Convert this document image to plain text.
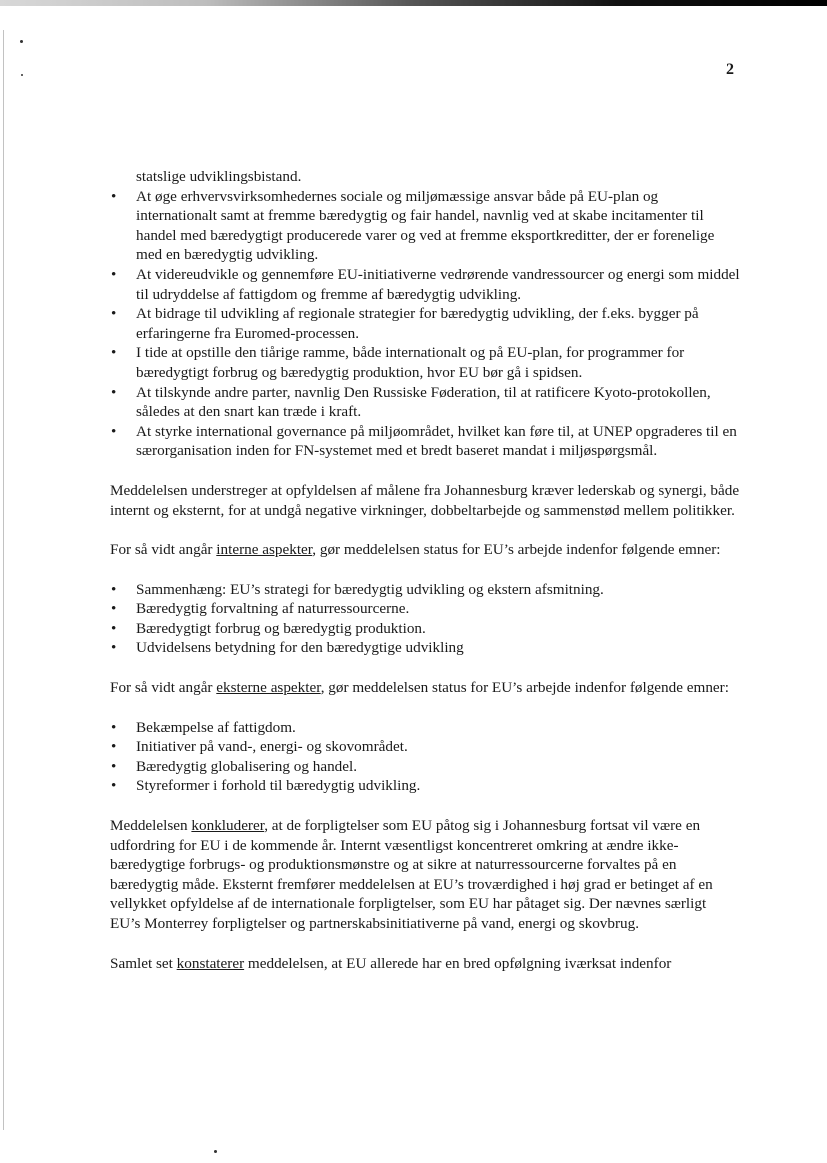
2
statslige udviklingsbistand.
• At øge erhvervsvirksomhedernes sociale og miljømæssige ansvar både på EU-plan og internationalt samt at fremme bæredygtig og fair handel, navnlig ved at skabe incitamenter til handel med bæredygtigt producerede varer og ved at fremme eksportkreditter, der er forenelige med en bæredygtig udvikling.
• At videreudvikle og gennemføre EU-initiativerne vedrørende vandressourcer og energi som middel til udryddelse af fattigdom og fremme af bæredygtig udvikling.
• At bidrage til udvikling af regionale strategier for bæredygtig udvikling, der f.eks. bygger på erfaringerne fra Euromed-processen.
• I tide at opstille den tiårige ramme, både internationalt og på EU-plan, for programmer for bæredygtigt forbrug og bæredygtig produktion, hvor EU bør gå i spidsen.
• At tilskynde andre parter, navnlig Den Russiske Føderation, til at ratificere Kyoto-protokollen, således at den snart kan træde i kraft.
• At styrke international governance på miljøområdet, hvilket kan føre til, at UNEP opgraderes til en særorganisation inden for FN-systemet med et bredt baseret mandat i miljøspørgsmål.

Meddelelsen understreger at opfyldelsen af målene fra Johannesburg kræver lederskab og synergi, både internt og eksternt, for at undgå negative virkninger, dobbeltarbejde og sammenstød mellem politikker.

For så vidt angår interne aspekter, gør meddelelsen status for EU’s arbejde indenfor følgende emner:

• Sammenhæng: EU’s strategi for bæredygtig udvikling og ekstern afsmitning.
• Bæredygtig forvaltning af naturressourcerne.
• Bæredygtigt forbrug og bæredygtig produktion.
• Udvidelsens betydning for den bæredygtige udvikling

For så vidt angår eksterne aspekter, gør meddelelsen status for EU’s arbejde indenfor følgende emner:

• Bekæmpelse af fattigdom.
• Initiativer på vand-, energi- og skovområdet.
• Bæredygtig globalisering og handel.
• Styreformer i forhold til bæredygtig udvikling.

Meddelelsen konkluderer, at de forpligtelser som EU påtog sig i Johannesburg fortsat vil være en udfordring for EU i de kommende år. Internt væsentligst koncentreret omkring at ændre ikke-bæredygtige forbrugs- og produktionsmønstre og at sikre at naturressourcerne forvaltes på en bæredygtig måde. Eksternt fremfører meddelelsen at EU’s troværdighed i høj grad er betinget af en vellykket opfyldelse af de internationale forpligtelser, som EU har påtaget sig. Der nævnes særligt EU’s Monterrey forpligtelser og partnerskabsinitiativerne på vand, energi og skovbrug.

Samlet set konstaterer meddelelsen, at EU allerede har en bred opfølgning iværksat indenfor
